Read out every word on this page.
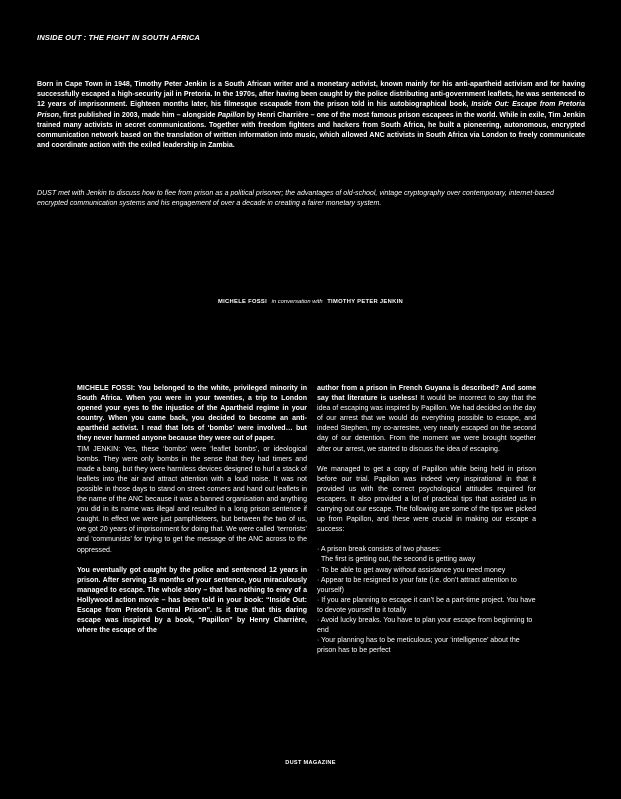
INSIDE OUT : THE FIGHT IN SOUTH AFRICA

Born in Cape Town in 1948, Timothy Peter Jenkin is a South African writer and a monetary activist, known mainly for his anti-apartheid activism and for having successfully escaped a high-security jail in Pretoria. In the 1970s, after having been caught by the police distributing anti-government leaflets, he was sentenced to 12 years of imprisonment. Eighteen months later, his filmesque escapade from the prison told in his autobiographical book, Inside Out: Escape from Pretoria Prison, first published in 2003, made him – alongside Papillon by Henri Charrière – one of the most famous prison escapees in the world. While in exile, Tim Jenkin trained many activists in secret communications. Together with freedom fighters and hackers from South Africa, he built a pioneering, autonomous, encrypted communication network based on the translation of written information into music, which allowed ANC activists in South Africa via London to freely communicate and coordinate action with the exiled leadership in Zambia.

DUST met with Jenkin to discuss how to flee from prison as a political prisoner; the advantages of old-school, vintage cryptography over contemporary, internet-based encrypted communication systems and his engagement of over a decade in creating a fairer monetary system.
MICHELE FOSSI in conversation with TIMOTHY PETER JENKIN

MICHELE FOSSI: You belonged to the white, privileged minority in South Africa. When you were in your twenties, a trip to London opened your eyes to the injustice of the Apartheid regime in your country. When you came back, you decided to become an anti-apartheid activist. I read that lots of ‘bombs’ were involved… but they never harmed anyone because they were out of paper.

TIM JENKIN: Yes, these ‘bombs’ were ‘leaflet bombs’, or ideological bombs. They were only bombs in the sense that they had timers and made a bang, but they were harmless devices designed to hurl a stack of leaflets into the air and attract attention with a loud noise. It was not possible in those days to stand on street corners and hand out leaflets in the name of the ANC because it was a banned organisation and anything you did in its name was illegal and resulted in a long prison sentence if caught. In effect we were just pamphleteers, but between the two of us, we got 20 years of imprisonment for doing that. We were called ‘terrorists’ and ‘communists’ for trying to get the message of the ANC across to the oppressed.

You eventually got caught by the police and sentenced 12 years in prison. After serving 18 months of your sentence, you miraculously managed to escape. The whole story – that has nothing to envy of a Hollywood action movie – has been told in your book: “Inside Out: Escape from Pretoria Central Prison”. Is it true that this daring escape was inspired by a book, “Papillon” by Henry Charrière, where the escape of the

author from a prison in French Guyana is described? And some say that literature is useless! It would be incorrect to say that the idea of escaping was inspired by Papillon. We had decided on the day of our arrest that we would do everything possible to escape, and indeed Stephen, my co-arrestee, very nearly escaped on the second day of our detention. From the moment we were brought together after our arrest, we started to discuss the idea of escaping.

We managed to get a copy of Papillon while being held in prison before our trial. Papillon was indeed very inspirational in that it provided us with the correct psychological attitudes required for escapers. It also provided a lot of practical tips that assisted us in carrying out our escape. The following are some of the tips we picked up from Papillon, and these were crucial in making our escape a success:

· A prison break consists of two phases:
The first is getting out, the second is getting away
· To be able to get away without assistance you need money
· Appear to be resigned to your fate (i.e. don’t attract attention to yourself)
· If you are planning to escape it can’t be a part-time project. You have to devote yourself to it totally
· Avoid lucky breaks. You have to plan your escape from beginning to end
· Your planning has to be meticulous; your ‘intelligence’ about the prison has to be perfect
DUST MAGAZINE
